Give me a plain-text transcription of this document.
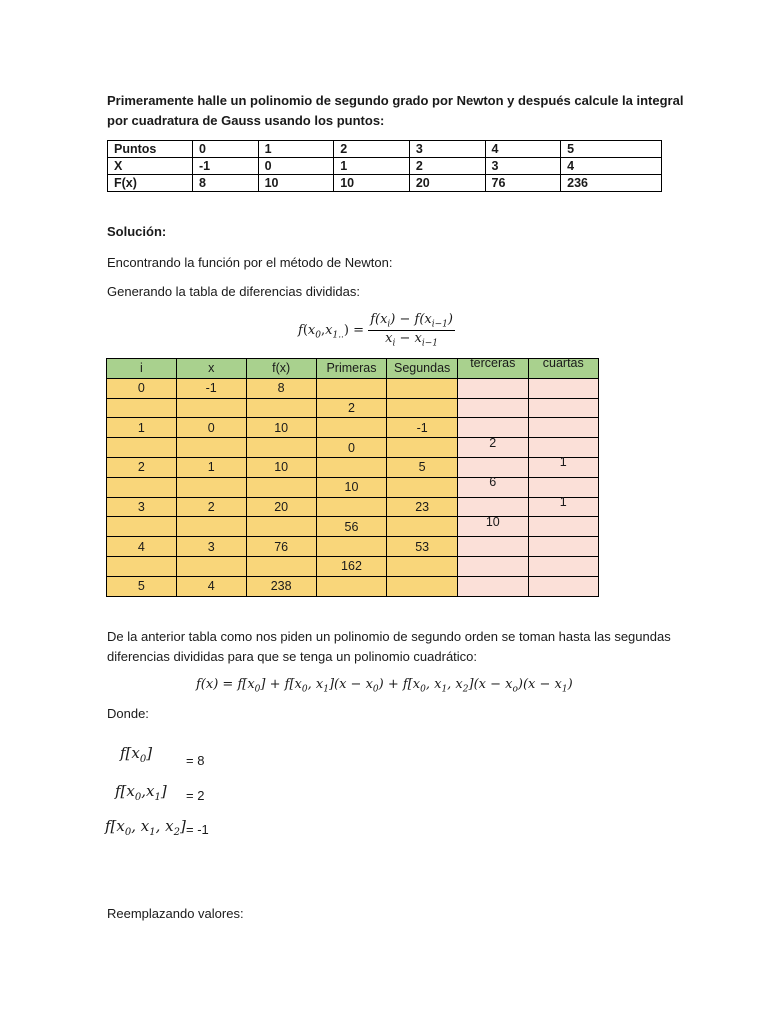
Primeramente halle un polinomio de segundo grado por Newton y después calcule la integral
por cuadratura de Gauss usando los puntos:
Puntos	0	1	2	3	4	5
X	-1	0	1	2	3	4
F(x)	8	10	10	20	76	236
Solución:
Encontrando la función por el método de Newton:
Generando la tabla de diferencias divididas:
$f(x_0,x_{1..}) = \frac{f(x_i) - f(x_{i-1})}{x_i - x_{i-1}}$
i	x	f(x)	Primeras	Segundas	terceras	cuartas
0	-1	8				
			2			
1	0	10		-1		
			0		2	
2	1	10		5		1
			10		6	
3	2	20		23		1
			56		10	
4	3	76		53		
			162			
5	4	238				
De la anterior tabla como nos piden un polinomio de segundo orden se toman hasta las segundas
diferencias divididas para que se tenga un polinomio cuadrático:
$f(x) = f[x_0] + f[x_0$, $x_1](x - x_0) + f[x_0$, $x_1$, $x_2](x - x_o)(x - x_1)$
Donde:
$f[x_0]$	= 8
$f[x_0,x_1] = 2$
$f[x_0$, $x_1$, $x_2] = -1$
Reemplazando valores:
